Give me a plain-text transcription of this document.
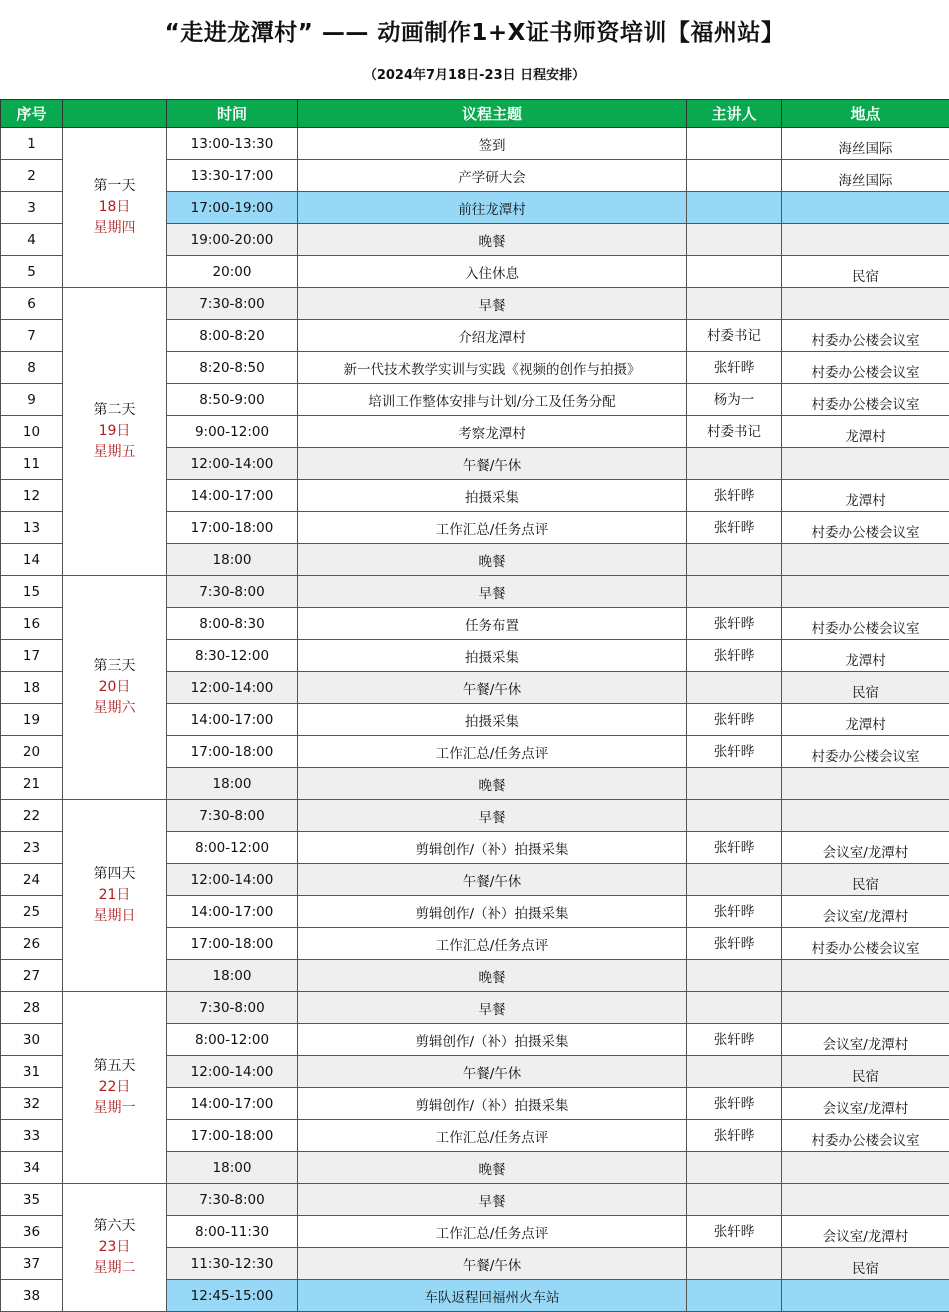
“走进龙潭村” —— 动画制作1+X证书师资培训【福州站】
（2024年7月18日-23日 日程安排）
序号		时间	议程主题	主讲人	地点
1	第一天
18日
星期四	13:00-13:30	签到		海丝国际
2		13:30-17:00	产学研大会		海丝国际
3		17:00-19:00	前往龙潭村		
4		19:00-20:00	晚餐		
5		20:00	入住休息		民宿
6	第二天
19日
星期五	7:30-8:00	早餐		
7		8:00-8:20	介绍龙潭村	村委书记	村委办公楼会议室
8		8:20-8:50	新一代技术教学实训与实践《视频的创作与拍摄》	张轩晔	村委办公楼会议室
9		8:50-9:00	培训工作整体安排与计划/分工及任务分配	杨为一	村委办公楼会议室
10		9:00-12:00	考察龙潭村	村委书记	龙潭村
11		12:00-14:00	午餐/午休		
12		14:00-17:00	拍摄采集	张轩晔	龙潭村
13		17:00-18:00	工作汇总/任务点评	张轩晔	村委办公楼会议室
14		18:00	晚餐		
15	第三天
20日
星期六	7:30-8:00	早餐		
16		8:00-8:30	任务布置	张轩晔	村委办公楼会议室
17		8:30-12:00	拍摄采集	张轩晔	龙潭村
18		12:00-14:00	午餐/午休		民宿
19		14:00-17:00	拍摄采集	张轩晔	龙潭村
20		17:00-18:00	工作汇总/任务点评	张轩晔	村委办公楼会议室
21		18:00	晚餐		
22	第四天
21日
星期日	7:30-8:00	早餐		
23		8:00-12:00	剪辑创作/（补）拍摄采集	张轩晔	会议室/龙潭村
24		12:00-14:00	午餐/午休		民宿
25		14:00-17:00	剪辑创作/（补）拍摄采集	张轩晔	会议室/龙潭村
26		17:00-18:00	工作汇总/任务点评	张轩晔	村委办公楼会议室
27		18:00	晚餐		
28	第五天
22日
星期一	7:30-8:00	早餐		
30		8:00-12:00	剪辑创作/（补）拍摄采集	张轩晔	会议室/龙潭村
31		12:00-14:00	午餐/午休		民宿
32		14:00-17:00	剪辑创作/（补）拍摄采集	张轩晔	会议室/龙潭村
33		17:00-18:00	工作汇总/任务点评	张轩晔	村委办公楼会议室
34		18:00	晚餐		
35	第六天
23日
星期二	7:30-8:00	早餐		
36		8:00-11:30	工作汇总/任务点评	张轩晔	会议室/龙潭村
37		11:30-12:30	午餐/午休		民宿
38		12:45-15:00	车队返程回福州火车站		
